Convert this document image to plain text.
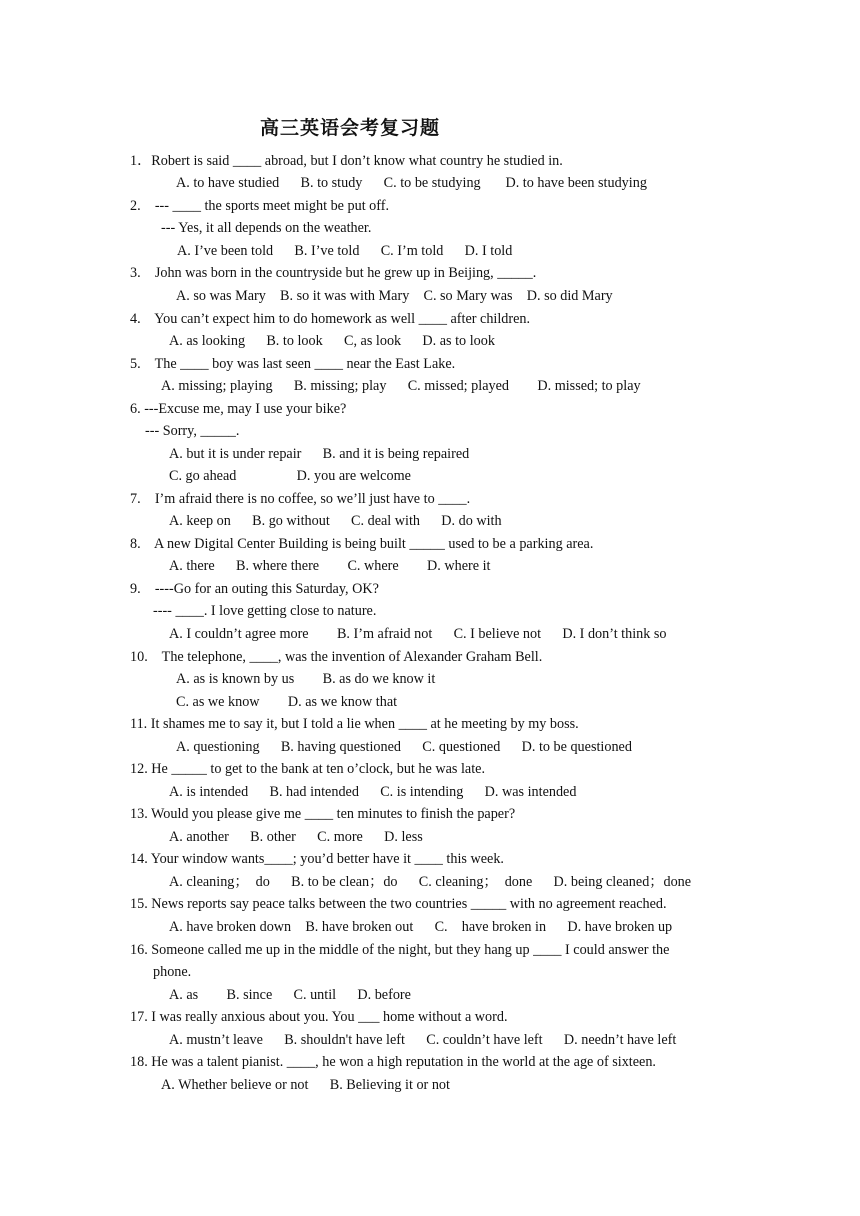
高三英语会考复习题
1．Robert is said ____ abroad, but I don’t know what country he studied in.
A. to have studied      B. to study      C. to be studying       D. to have been studying
2.    --- ____ the sports meet might be put off.
--- Yes, it all depends on the weather.
A. I’ve been told      B. I’ve told      C. I’m told      D. I told
3.    John was born in the countryside but he grew up in Beijing, _____.
A. so was Mary    B. so it was with Mary    C. so Mary was    D. so did Mary
4.    You can’t expect him to do homework as well ____ after children.
A. as looking      B. to look      C, as look      D. as to look
5.    The ____ boy was last seen ____ near the East Lake.
A. missing; playing      B. missing; play      C. missed; played        D. missed; to play
6. ---Excuse me, may I use your bike?
--- Sorry, _____.
A. but it is under repair      B. and it is being repaired
C. go ahead                 D. you are welcome
7.    I’m afraid there is no coffee, so we’ll just have to ____.
A. keep on      B. go without      C. deal with      D. do with
8.    A new Digital Center Building is being built _____ used to be a parking area.
A. there      B. where there        C. where        D. where it
9.    ----Go for an outing this Saturday, OK?
---- ____. I love getting close to nature.
A. I couldn’t agree more        B. I’m afraid not      C. I believe not      D. I don’t think so
10.    The telephone, ____, was the invention of Alexander Graham Bell.
A. as is known by us        B. as do we know it
C. as we know        D. as we know that
11. It shames me to say it, but I told a lie when ____ at he meeting by my boss.
A. questioning      B. having questioned      C. questioned      D. to be questioned
12. He _____ to get to the bank at ten o’clock, but he was late.
A. is intended      B. had intended      C. is intending      D. was intended
13. Would you please give me ____ ten minutes to finish the paper?
A. another      B. other      C. more      D. less
14. Your window wants____; you’d better have it ____ this week.
A. cleaning；  do      B. to be clean；do      C. cleaning；  done      D. being cleaned；done
15. News reports say peace talks between the two countries _____ with no agreement reached.
A. have broken down    B. have broken out      C.    have broken in      D. have broken up
16. Someone called me up in the middle of the night, but they hang up ____ I could answer the
phone.
A. as        B. since      C. until      D. before
17. I was really anxious about you. You ___ home without a word.
A. mustn’t leave      B. shouldn't have left      C. couldn’t have left      D. needn’t have left
18. He was a talent pianist. ____, he won a high reputation in the world at the age of sixteen.
A. Whether believe or not      B. Believing it or not
